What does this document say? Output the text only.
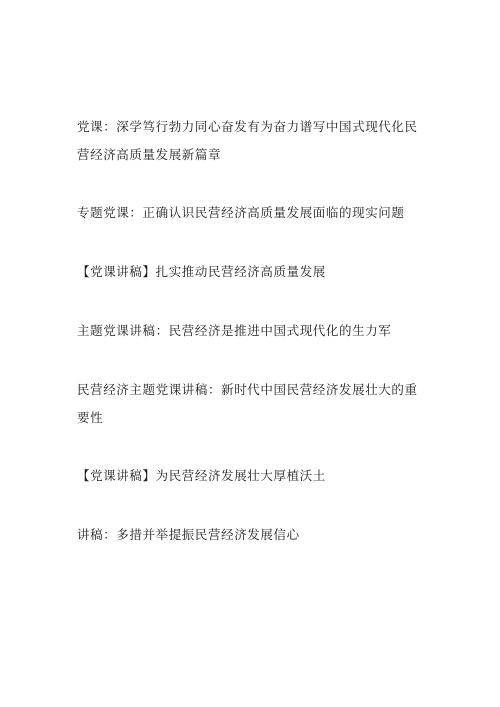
党课：深学笃行勃力同心奋发有为奋力谱写中国式现代化民营经济高质量发展新篇章
专题党课：正确认识民营经济高质量发展面临的现实问题
【党课讲稿】扎实推动民营经济高质量发展
主题党课讲稿：民营经济是推进中国式现代化的生力军
民营经济主题党课讲稿：新时代中国民营经济发展壮大的重要性
【党课讲稿】为民营经济发展壮大厚植沃土
讲稿：多措并举提振民营经济发展信心
